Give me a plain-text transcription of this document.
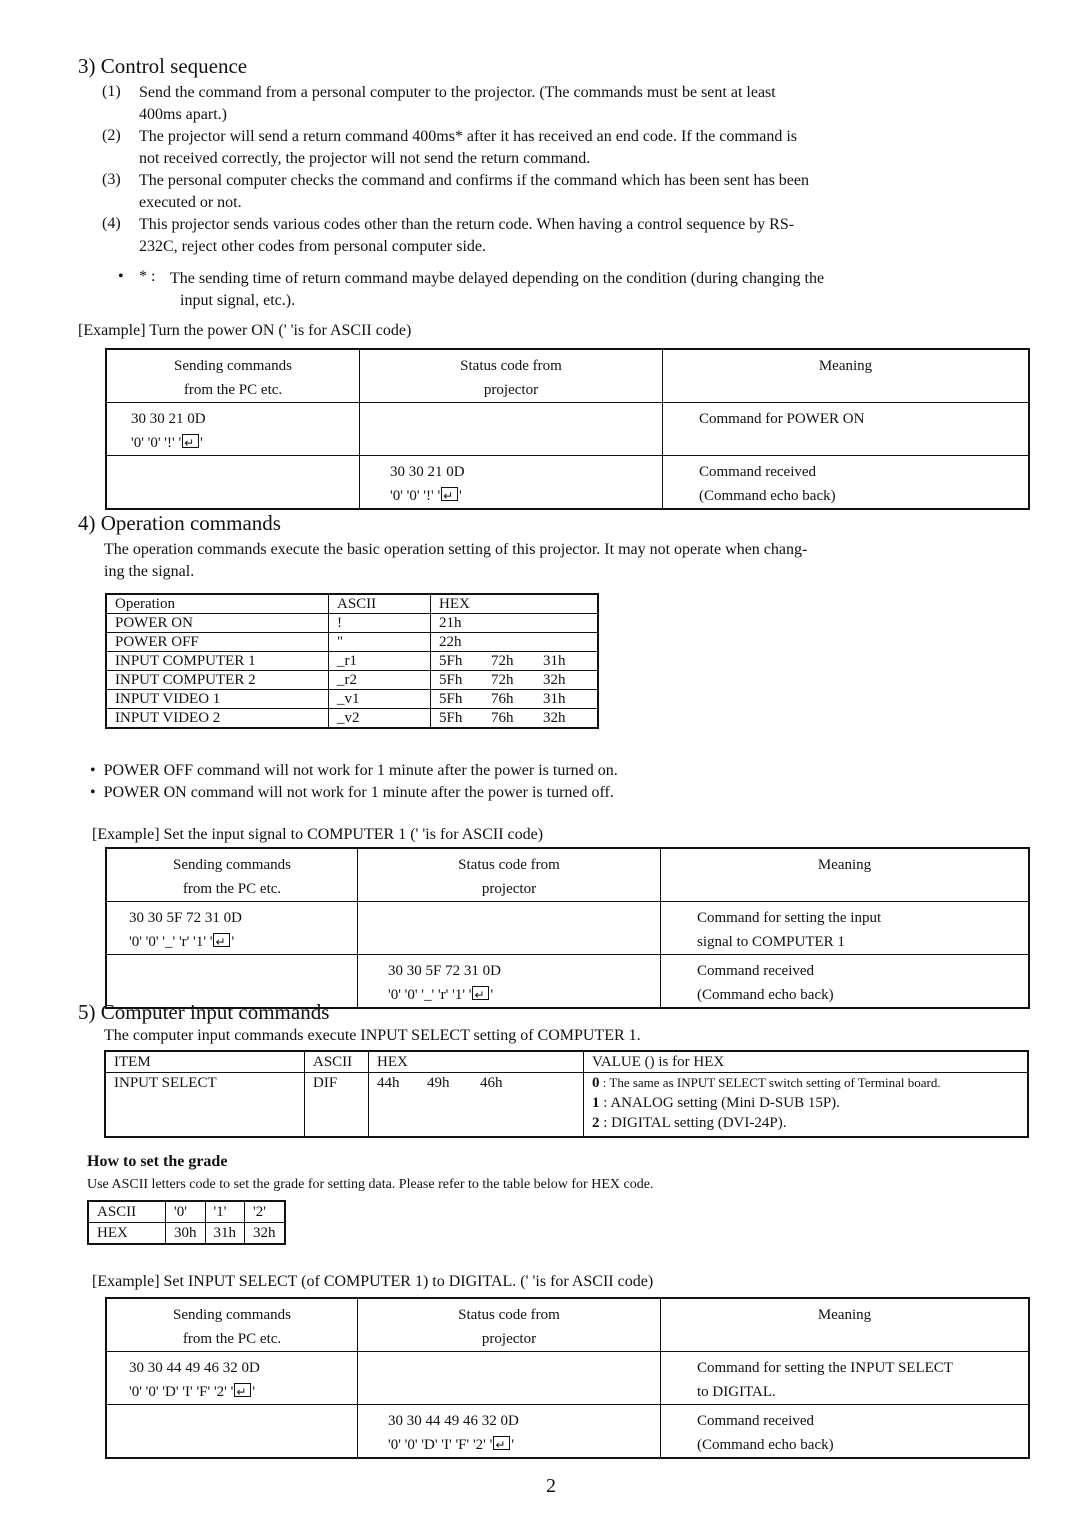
3) Control sequence
(1) Send the command from a personal computer to the projector. (The commands must be sent at least
400ms apart.)

(2) The projector will send a return command 400ms* after it has received an end code. If the command is
not received correctly, the projector will not send the return command.

(3) The personal computer checks the command and confirms if the command which has been sent has been
executed or not.

(4) This projector sends various codes other than the return code. When having a control sequence by RS-
232C, reject other codes from personal computer side.

• * : The sending time of return command maybe delayed depending on the condition (during changing the
input signal, etc.).

[Example] Turn the power ON (' 'is for ASCII code)

Sending commands
from the PC etc.	Status code from
projector	Meaning
30 30 21 0D
'0' '0' '!' ' ↵ '		Command for POWER ON
	30 30 21 0D
'0' '0' '!' ' ↵ '	Command received
(Command echo back)
4) Operation commands

The operation commands execute the basic operation setting of this projector. It may not operate when chang-
ing the signal.

Operation	ASCII	HEX
POWER ON	!	21h
POWER OFF	"	22h
INPUT COMPUTER 1	_r1	5Fh 72h 31h
INPUT COMPUTER 2	_r2	5Fh 72h 32h
INPUT VIDEO 1	_v1	5Fh 76h 31h
INPUT VIDEO 2	_v2	5Fh 76h 32h

•  POWER OFF command will not work for 1 minute after the power is turned on.

•  POWER ON command will not work for 1 minute after the power is turned off.

[Example] Set the input signal to COMPUTER 1 (' 'is for ASCII code)

Sending commands
from the PC etc.	Status code from
projector	Meaning
30 30 5F 72 31 0D
'0' '0' '_' 'r' '1' ' ↵ '		Command for setting the input
signal to COMPUTER 1
	30 30 5F 72 31 0D
'0' '0' '_' 'r' '1' ' ↵ '	Command received
(Command echo back)
5) Computer input commands

The computer input commands execute INPUT SELECT setting of COMPUTER 1.

ITEM	ASCII	HEX	VALUE () is for HEX
INPUT SELECT	DIF	44h 49h 46h	0 : The same as INPUT SELECT switch setting of Terminal board.
1 : ANALOG setting (Mini D-SUB 15P).
2 : DIGITAL setting (DVI-24P).

How to set the grade

Use ASCII letters code to set the grade for setting data. Please refer to the table below for HEX code.

ASCII	'0'	'1'	'2'
HEX	30h	31h	32h

[Example] Set INPUT SELECT (of COMPUTER 1) to DIGITAL. (' 'is for ASCII code)

Sending commands
from the PC etc.	Status code from
projector	Meaning
30 30 44 49 46 32 0D
'0' '0' 'D' 'I' 'F' '2' ' ↵ '		Command for setting the INPUT SELECT
to DIGITAL.
	30 30 44 49 46 32 0D
'0' '0' 'D' 'I' 'F' '2' ' ↵ '	Command received
(Command echo back)
2
